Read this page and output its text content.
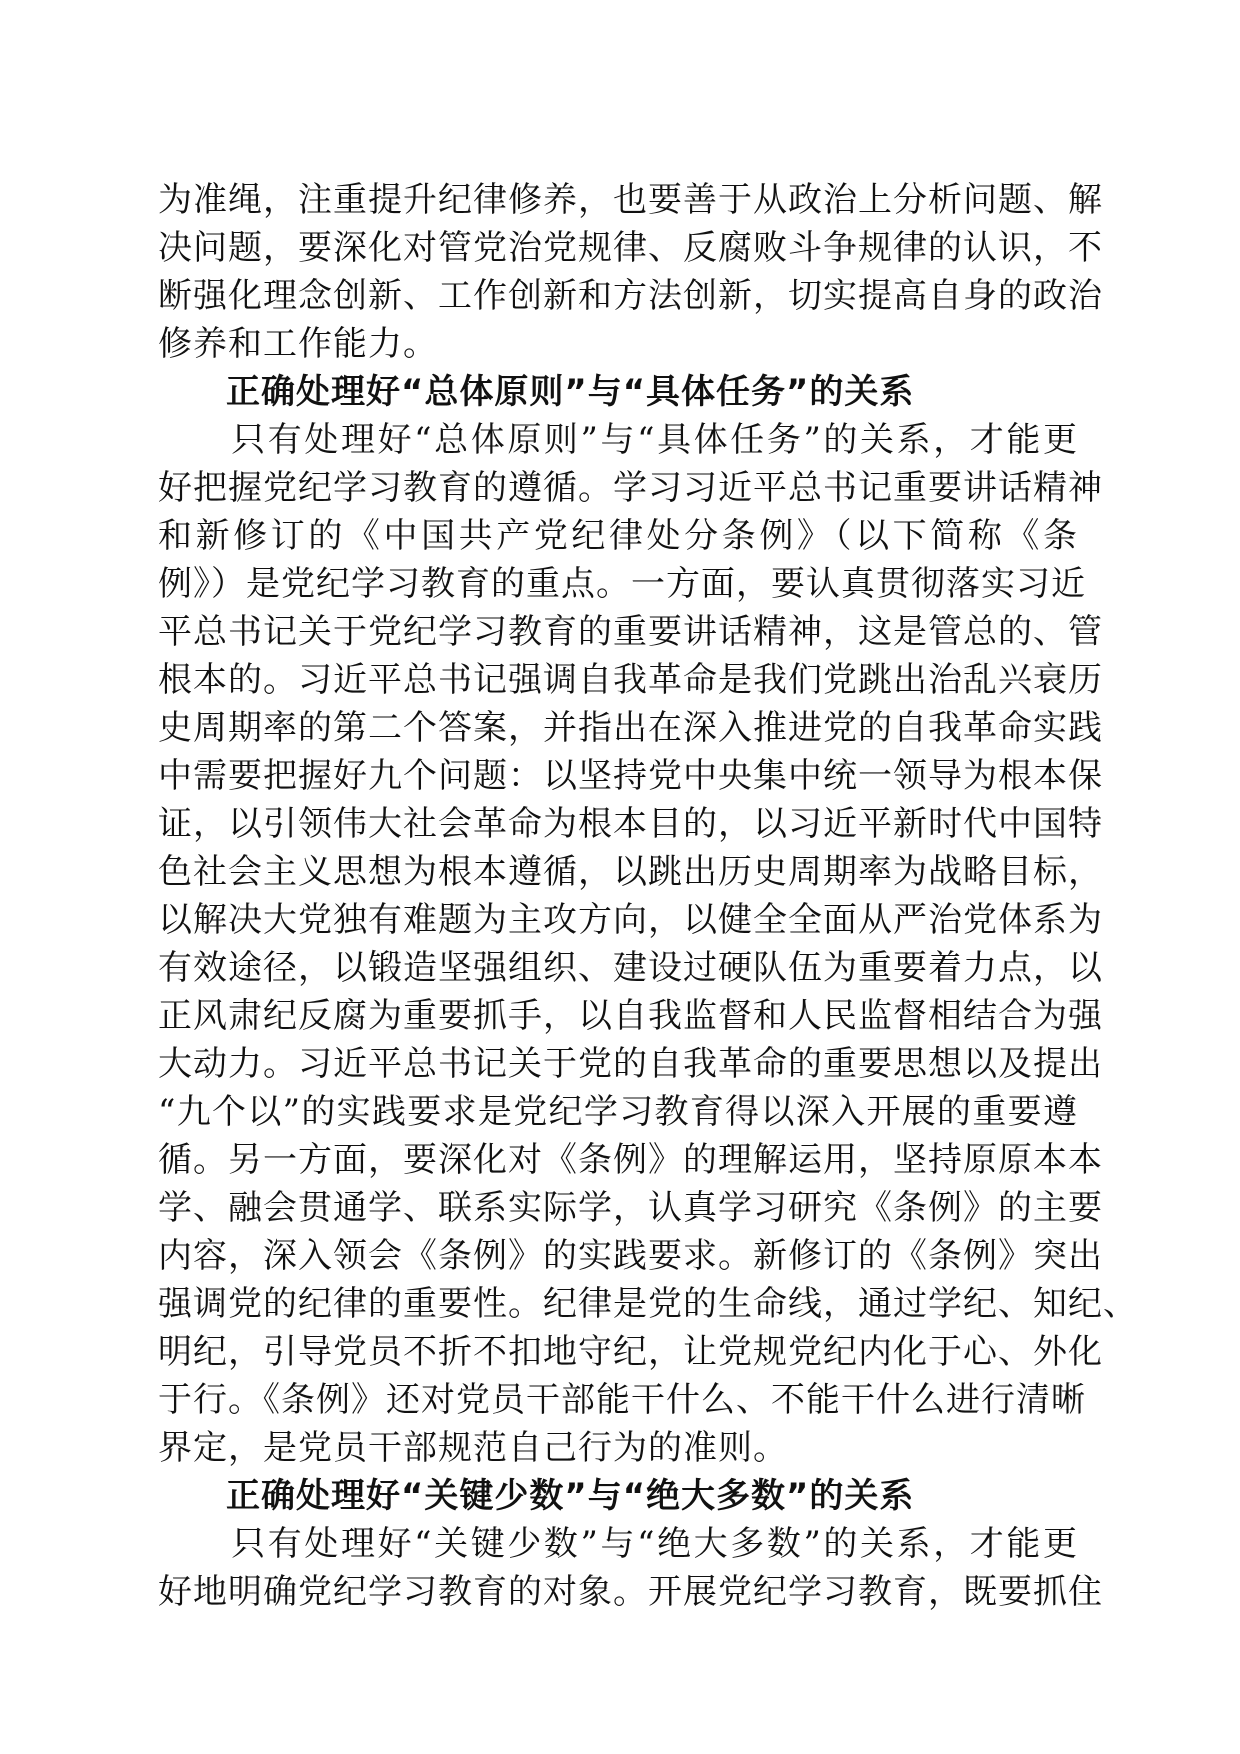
为准绳，注重提升纪律修养，也要善于从政治上分析问题、解
决问题，要深化对管党治党规律、反腐败斗争规律的认识，不
断强化理念创新、工作创新和方法创新，切实提高自身的政治
修养和工作能力。
正确处理好“总体原则”与“具体任务”的关系
　　只有处理好“总体原则”与“具体任务”的关系，才能更
好把握党纪学习教育的遵循。学习习近平总书记重要讲话精神
和新修订的《中国共产党纪律处分条例》（以下简称《条
例》）是党纪学习教育的重点。一方面，要认真贯彻落实习近
平总书记关于党纪学习教育的重要讲话精神，这是管总的、管
根本的。习近平总书记强调自我革命是我们党跳出治乱兴衰历
史周期率的第二个答案，并指出在深入推进党的自我革命实践
中需要把握好九个问题：以坚持党中央集中统一领导为根本保
证，以引领伟大社会革命为根本目的，以习近平新时代中国特
色社会主义思想为根本遵循，以跳出历史周期率为战略目标，
以解决大党独有难题为主攻方向，以健全全面从严治党体系为
有效途径，以锻造坚强组织、建设过硬队伍为重要着力点，以
正风肃纪反腐为重要抓手，以自我监督和人民监督相结合为强
大动力。习近平总书记关于党的自我革命的重要思想以及提出
“九个以”的实践要求是党纪学习教育得以深入开展的重要遵
循。另一方面，要深化对《条例》的理解运用，坚持原原本本
学、融会贯通学、联系实际学，认真学习研究《条例》的主要
内容，深入领会《条例》的实践要求。新修订的《条例》突出
强调党的纪律的重要性。纪律是党的生命线，通过学纪、知纪、
明纪，引导党员不折不扣地守纪，让党规党纪内化于心、外化
于行。《条例》还对党员干部能干什么、不能干什么进行清晰
界定，是党员干部规范自己行为的准则。
正确处理好“关键少数”与“绝大多数”的关系
　　只有处理好“关键少数”与“绝大多数”的关系，才能更
好地明确党纪学习教育的对象。开展党纪学习教育，既要抓住
